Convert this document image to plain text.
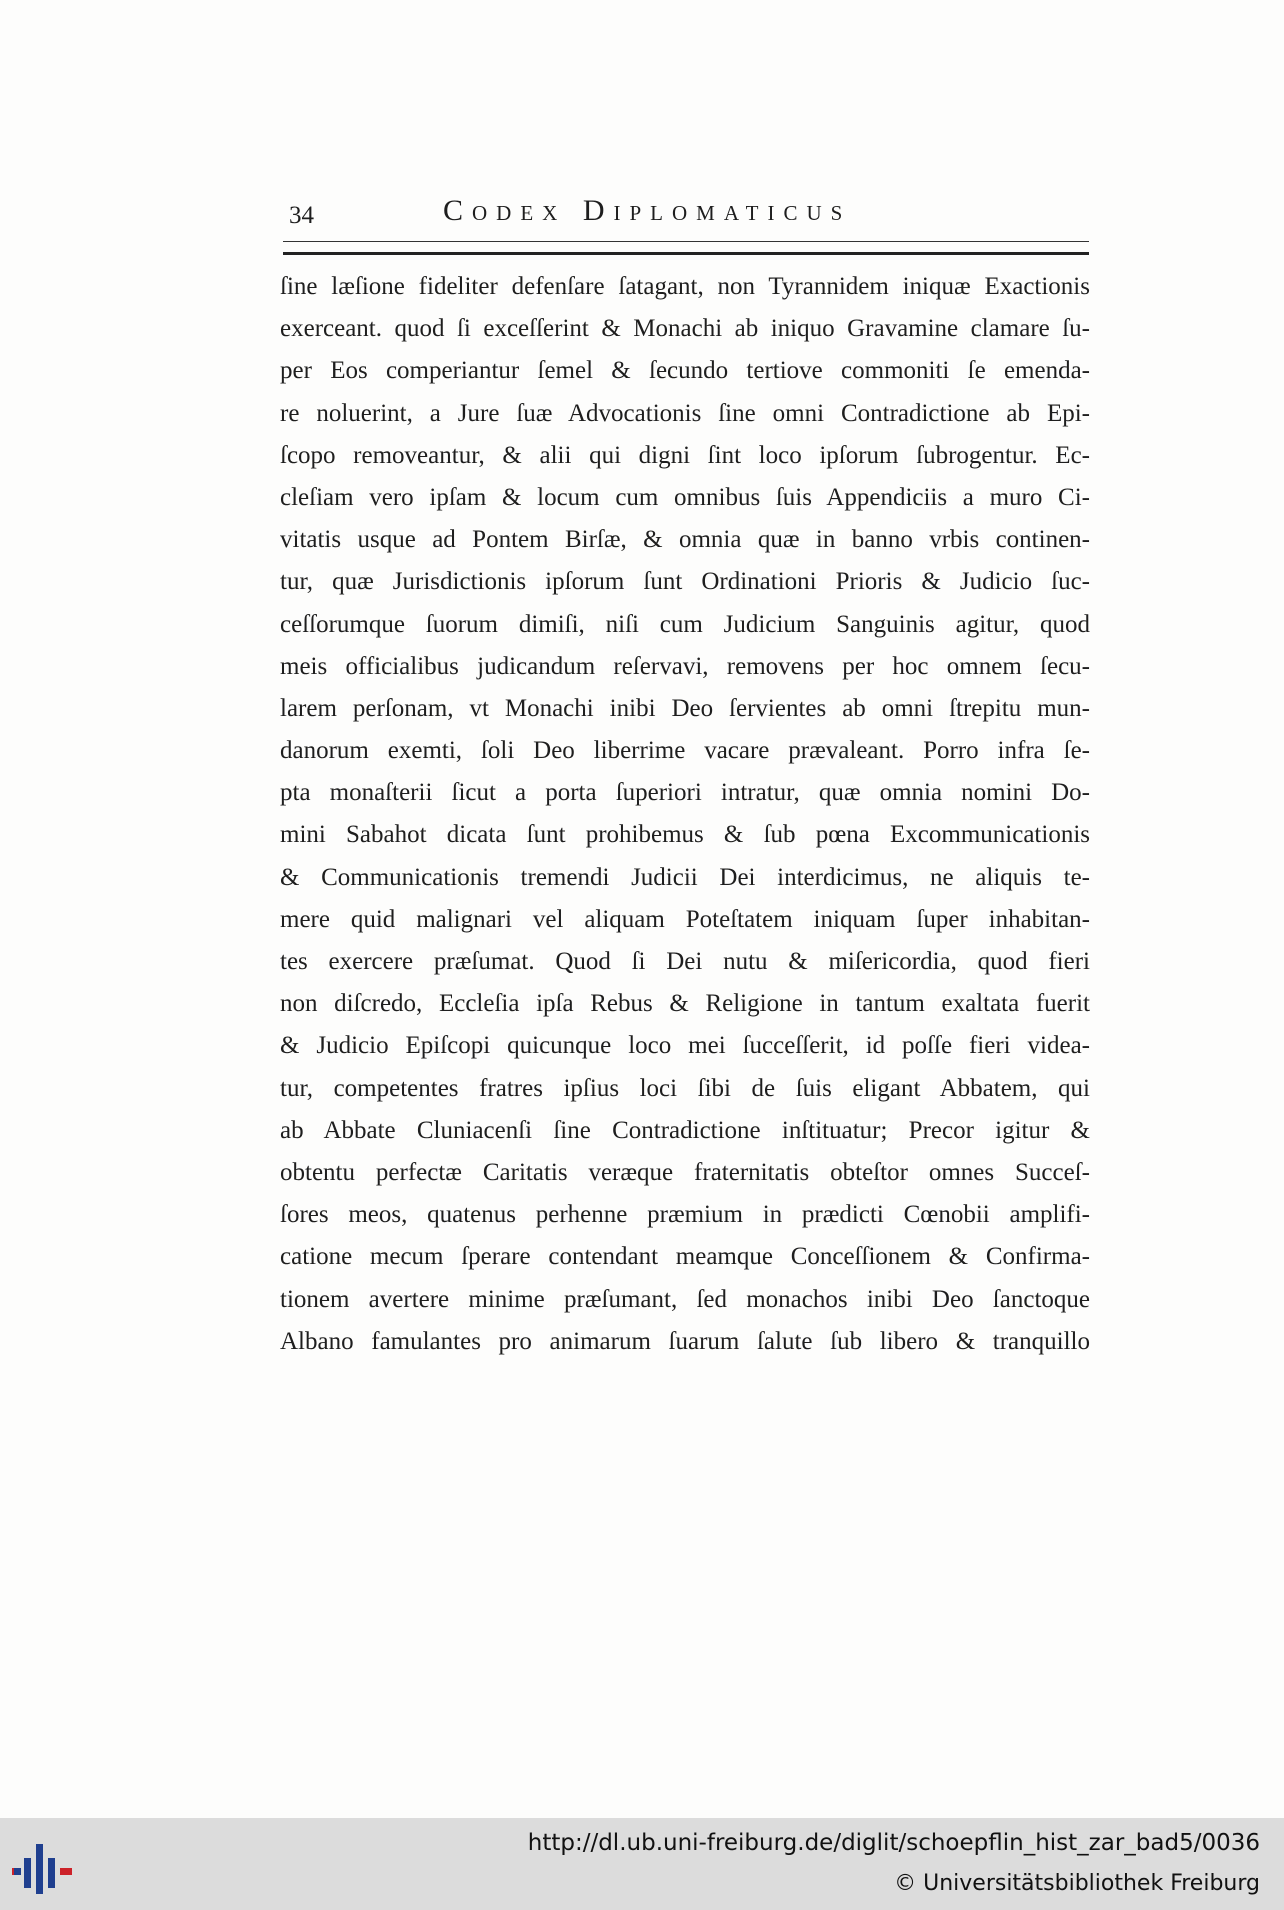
34	Codex Diplomaticus
ſine læſione fideliter defenſare ſatagant, non Tyrannidem iniquæ Exactionis
exerceant. quod ſi exceſſerint & Monachi ab iniquo Gravamine clamare ſu-
per Eos comperiantur ſemel & ſecundo tertiove commoniti ſe emenda-
re noluerint, a Jure ſuæ Advocationis ſine omni Contradictione ab Epi-
ſcopo removeantur, & alii qui digni ſint loco ipſorum ſubrogentur. Ec-
cleſiam vero ipſam & locum cum omnibus ſuis Appendiciis a muro Ci-
vitatis usque ad Pontem Birſæ, & omnia quæ in banno vrbis continen-
tur, quæ Jurisdictionis ipſorum ſunt Ordinationi Prioris & Judicio ſuc-
ceſſorumque ſuorum dimiſi, niſi cum Judicium Sanguinis agitur, quod
meis officialibus judicandum reſervavi, removens per hoc omnem ſecu-
larem perſonam, vt Monachi inibi Deo ſervientes ab omni ſtrepitu mun-
danorum exemti, ſoli Deo liberrime vacare prævaleant. Porro infra ſe-
pta monaſterii ſicut a porta ſuperiori intratur, quæ omnia nomini Do-
mini Sabahot dicata ſunt prohibemus & ſub pœna Excommunicationis
& Communicationis tremendi Judicii Dei interdicimus, ne aliquis te-
mere quid malignari vel aliquam Poteſtatem iniquam ſuper inhabitan-
tes exercere præſumat. Quod ſi Dei nutu & miſericordia, quod fieri
non diſcredo, Eccleſia ipſa Rebus & Religione in tantum exaltata fuerit
& Judicio Epiſcopi quicunque loco mei ſucceſſerit, id poſſe fieri videa-
tur, competentes fratres ipſius loci ſibi de ſuis eligant Abbatem, qui
ab Abbate Cluniacenſi ſine Contradictione inſtituatur; Precor igitur &
obtentu perfectæ Caritatis veræque fraternitatis obteſtor omnes Succeſ-
ſores meos, quatenus perhenne præmium in prædicti Cœnobii amplifi-
catione mecum ſperare contendant meamque Conceſſionem & Confirma-
tionem avertere minime præſumant, ſed monachos inibi Deo ſanctoque
Albano famulantes pro animarum ſuarum ſalute ſub libero & tranquillo
http://dl.ub.uni-freiburg.de/diglit/schoepflin_hist_zar_bad5/0036
© Universitätsbibliothek Freiburg
